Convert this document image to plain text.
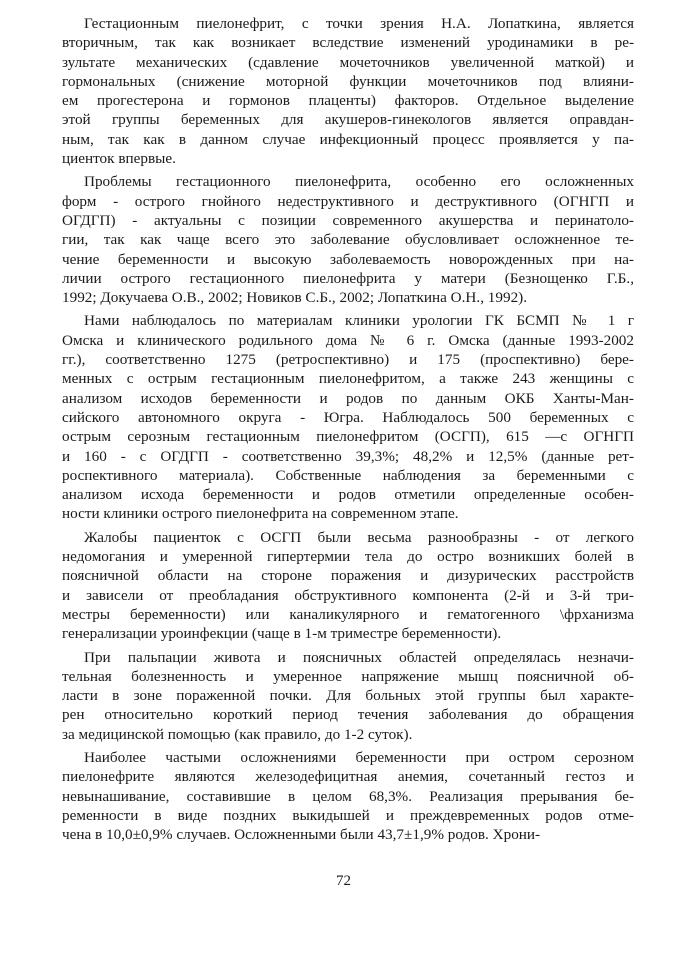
Гестационным пиелонефрит, с точки зрения Н.А. Лопаткина, является
вторичным, так как возникает вследствие изменений уродинамики в ре-
зультате механических (сдавление мочеточников увеличенной маткой) и
гормональных (снижение моторной функции мочеточников под влияни-
ем прогестерона и гормонов плаценты) факторов. Отдельное выделение
этой группы беременных для акушеров-гинекологов является оправдан-
ным, так как в данном случае инфекционный процесс проявляется у па-
циенток впервые.
Проблемы гестационного пиелонефрита, особенно его осложненных
форм - острого гнойного недеструктивного и деструктивного (ОГНГП и
ОГДГП) - актуальны с позиции современного акушерства и перинатоло-
гии, так как чаще всего это заболевание обусловливает осложненное те-
чение беременности и высокую заболеваемость новорожденных при на-
личии острого гестационного пиелонефрита у матери (Безнощенко Г.Б.,
1992; Докучаева О.В., 2002; Новиков С.Б., 2002; Лопаткина О.Н., 1992).
Нами наблюдалось по материалам клиники урологии ГК БСМП № 1 г
Омска и клинического родильного дома № 6 г. Омска (данные 1993-2002
гг.), соответственно 1275 (ретроспективно) и 175 (проспективно) бере-
менных с острым гестационным пиелонефритом, а также 243 женщины с
анализом исходов беременности и родов по данным ОКБ Ханты-Ман-
сийского автономного округа - Югра. Наблюдалось 500 беременных с
острым серозным гестационным пиелонефритом (ОСГП), 615 —с ОГНГП
и 160 - с ОГДГП - соответственно 39,3%; 48,2% и 12,5% (данные рет-
роспективного материала). Собственные наблюдения за беременными с
анализом исхода беременности и родов отметили определенные особен-
ности клиники острого пиелонефрита на современном этапе.
Жалобы пациенток с ОСГП были весьма разнообразны - от легкого
недомогания и умеренной гипертермии тела до остро возникших болей в
поясничной области на стороне поражения и дизурических расстройств
и зависели от преобладания обструктивного компонента (2-й и 3-й три-
местры беременности) или каналикулярного и гематогенного \фрханизма
генерализации уроинфекции (чаще в 1-м триместре беременности).
При пальпации живота и поясничных областей определялась незначи-
тельная болезненность и умеренное напряжение мышц поясничной об-
ласти в зоне пораженной почки. Для больных этой группы был характе-
рен относительно короткий период течения заболевания до обращения
за медицинской помощью (как правило, до 1-2 суток).
Наиболее частыми осложнениями беременности при остром серозном
пиелонефрите являются железодефицитная анемия, сочетанный гестоз и
невынашивание, составившие в целом 68,3%. Реализация прерывания бе-
ременности в виде поздних выкидышей и преждевременных родов отме-
чена в 10,0±0,9% случаев. Осложненными были 43,7±1,9% родов. Хрони-
72
